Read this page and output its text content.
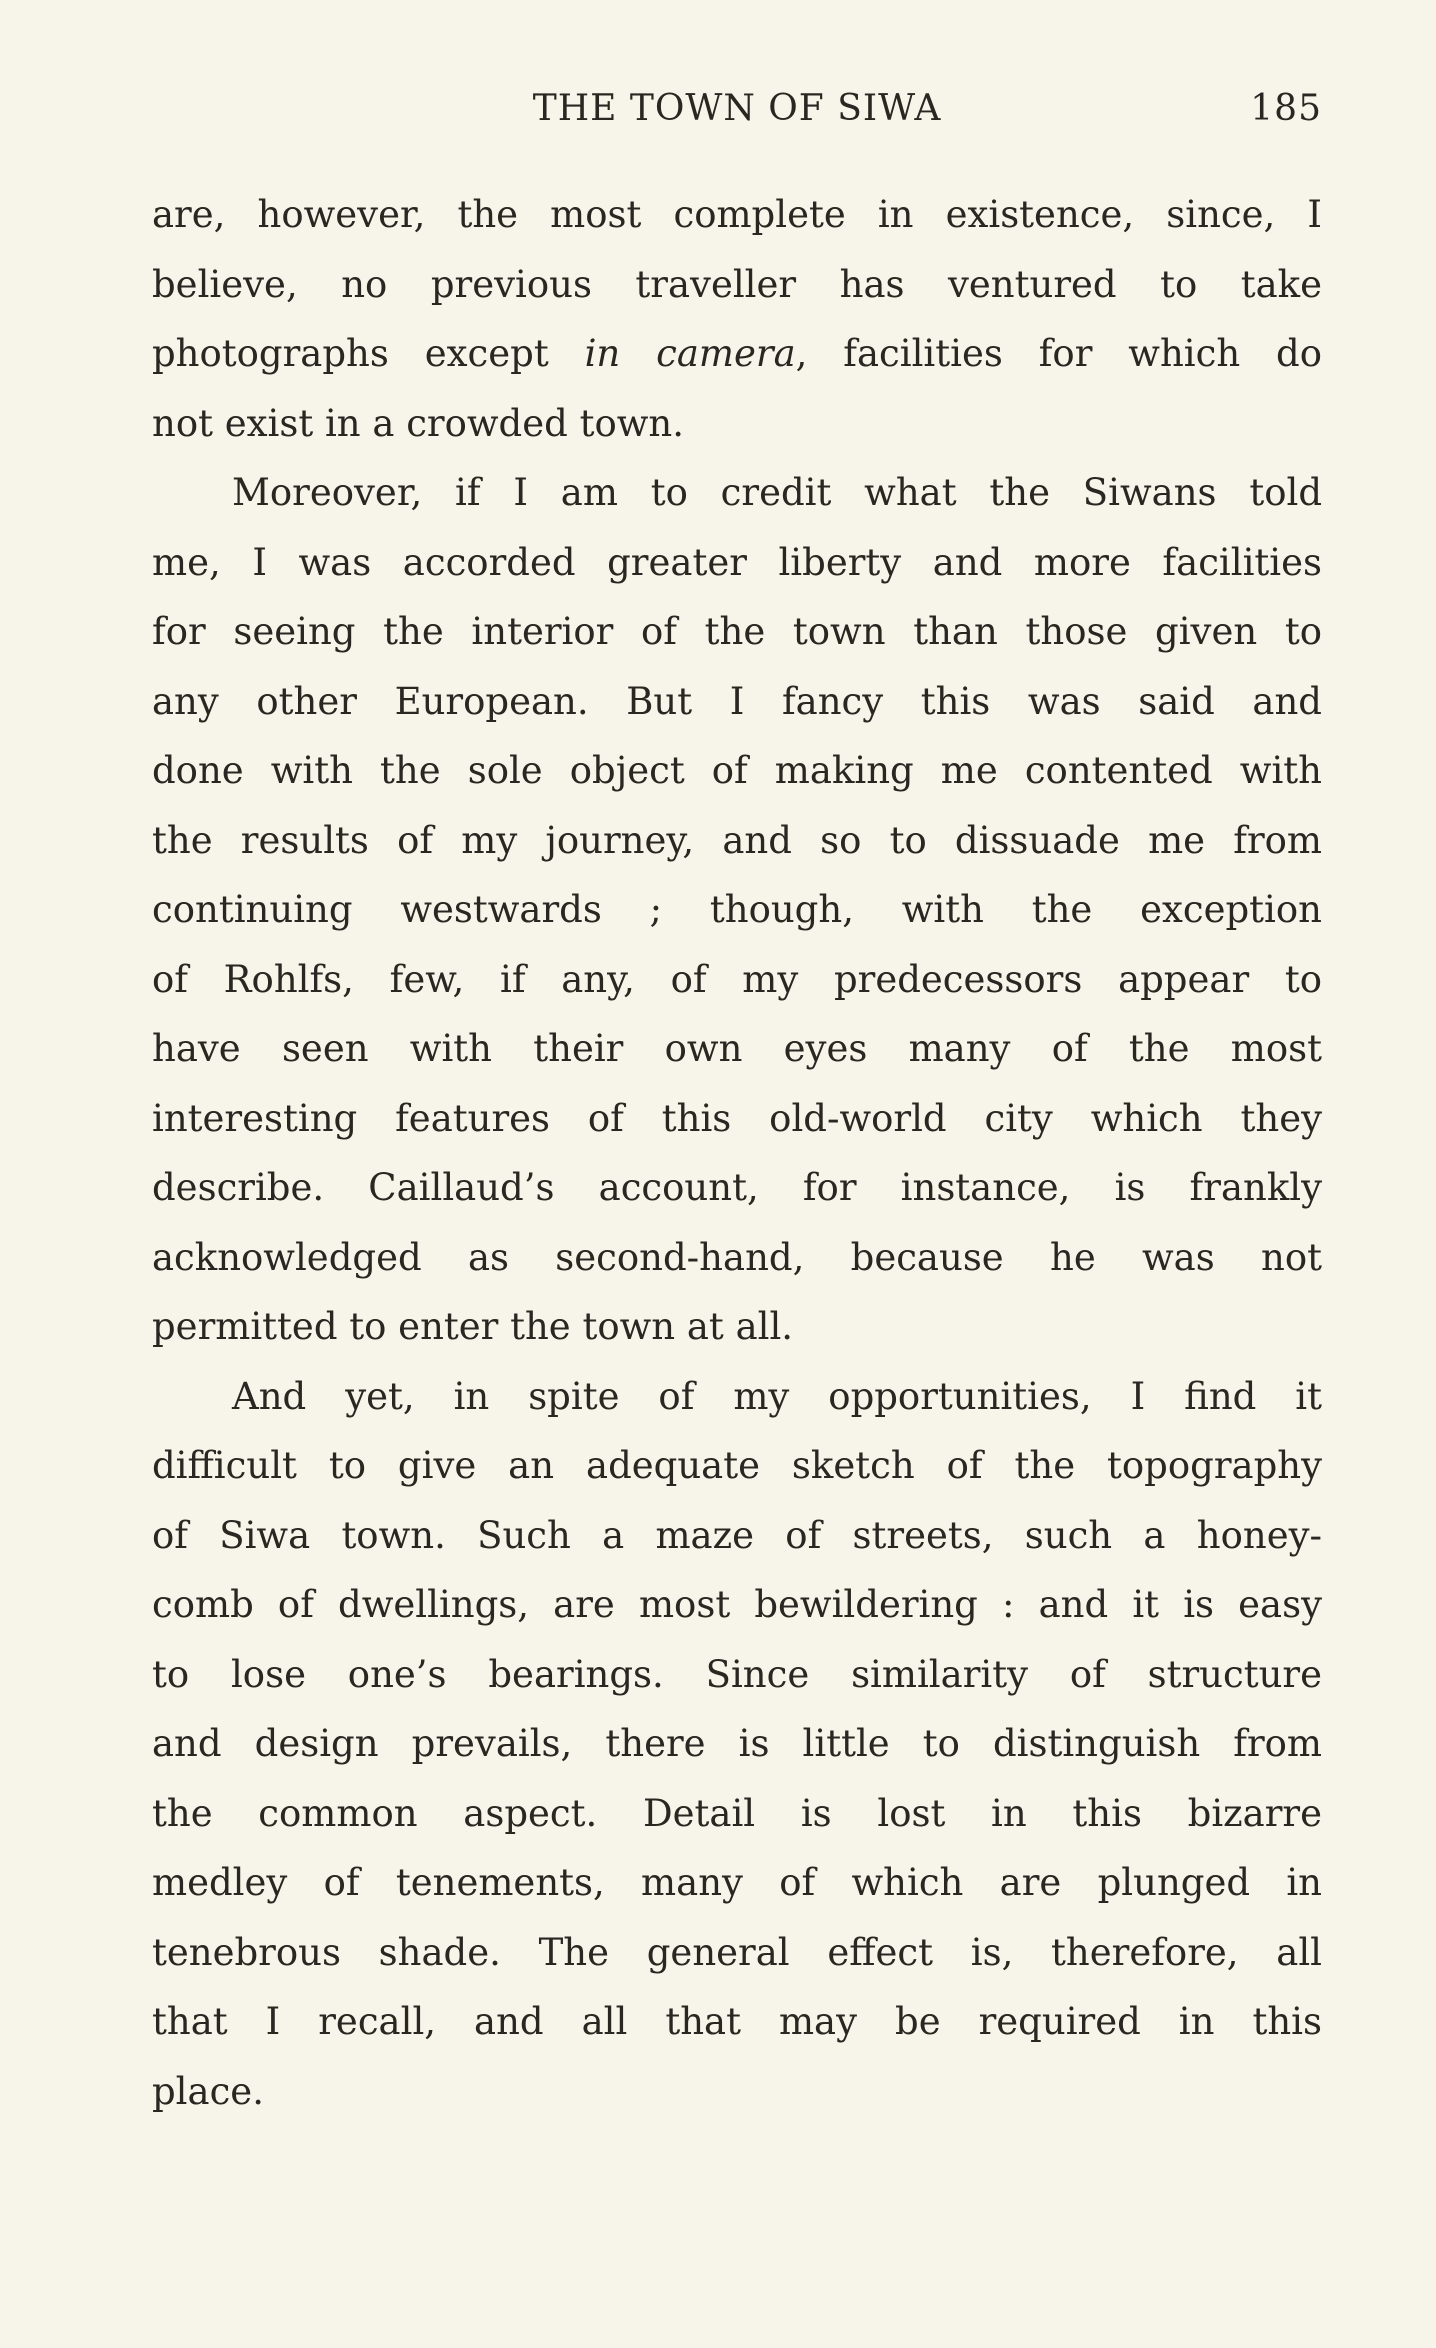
THE TOWN OF SIWA	185
are, however, the most complete in existence, since, I
believe, no previous traveller has ventured to take
photographs except in camera, facilities for which do
not exist in a crowded town.
Moreover, if I am to credit what the Siwans told
me, I was accorded greater liberty and more facilities
for seeing the interior of the town than those given to
any other European. But I fancy this was said and
done with the sole object of making me contented with
the results of my journey, and so to dissuade me from
continuing westwards ; though, with the exception
of Rohlfs, few, if any, of my predecessors appear to
have seen with their own eyes many of the most
interesting features of this old-world city which they
describe. Caillaud’s account, for instance, is frankly
acknowledged as second-hand, because he was not
permitted to enter the town at all.
And yet, in spite of my opportunities, I find it
difficult to give an adequate sketch of the topography
of Siwa town. Such a maze of streets, such a honey-
comb of dwellings, are most bewildering : and it is easy
to lose one’s bearings. Since similarity of structure
and design prevails, there is little to distinguish from
the common aspect. Detail is lost in this bizarre
medley of tenements, many of which are plunged in
tenebrous shade. The general effect is, therefore, all
that I recall, and all that may be required in this
place.
